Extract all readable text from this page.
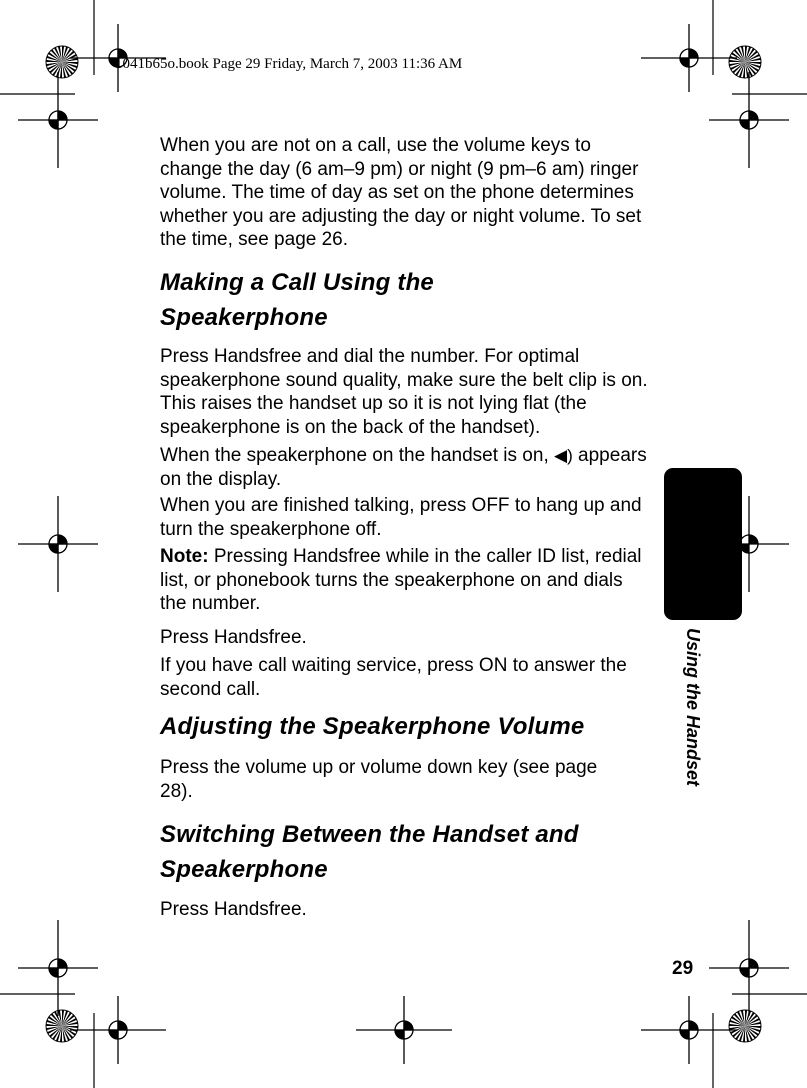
1041b65o.book Page 29 Friday, March 7, 2003 11:36 AM

When you are not on a call, use the volume keys to change the day (6 am–9 pm) or night (9 pm–6 am) ringer volume. The time of day as set on the phone determines whether you are adjusting the day or night volume. To set the time, see page 26.

Making a Call Using the Speakerphone

Press Handsfree and dial the number. For optimal speakerphone sound quality, make sure the belt clip is on. This raises the handset up so it is not lying flat (the speakerphone is on the back of the handset).

When the speakerphone on the handset is on, ◀) appears on the display.

When you are finished talking, press OFF to hang up and turn the speakerphone off.

Note: Pressing Handsfree while in the caller ID list, redial list, or phonebook turns the speakerphone on and dials the number.

Press Handsfree.

If you have call waiting service, press ON to answer the second call.

Adjusting the Speakerphone Volume

Press the volume up or volume down key (see page 28).

Switching Between the Handset and Speakerphone

Press Handsfree.

Using the Handset
29
